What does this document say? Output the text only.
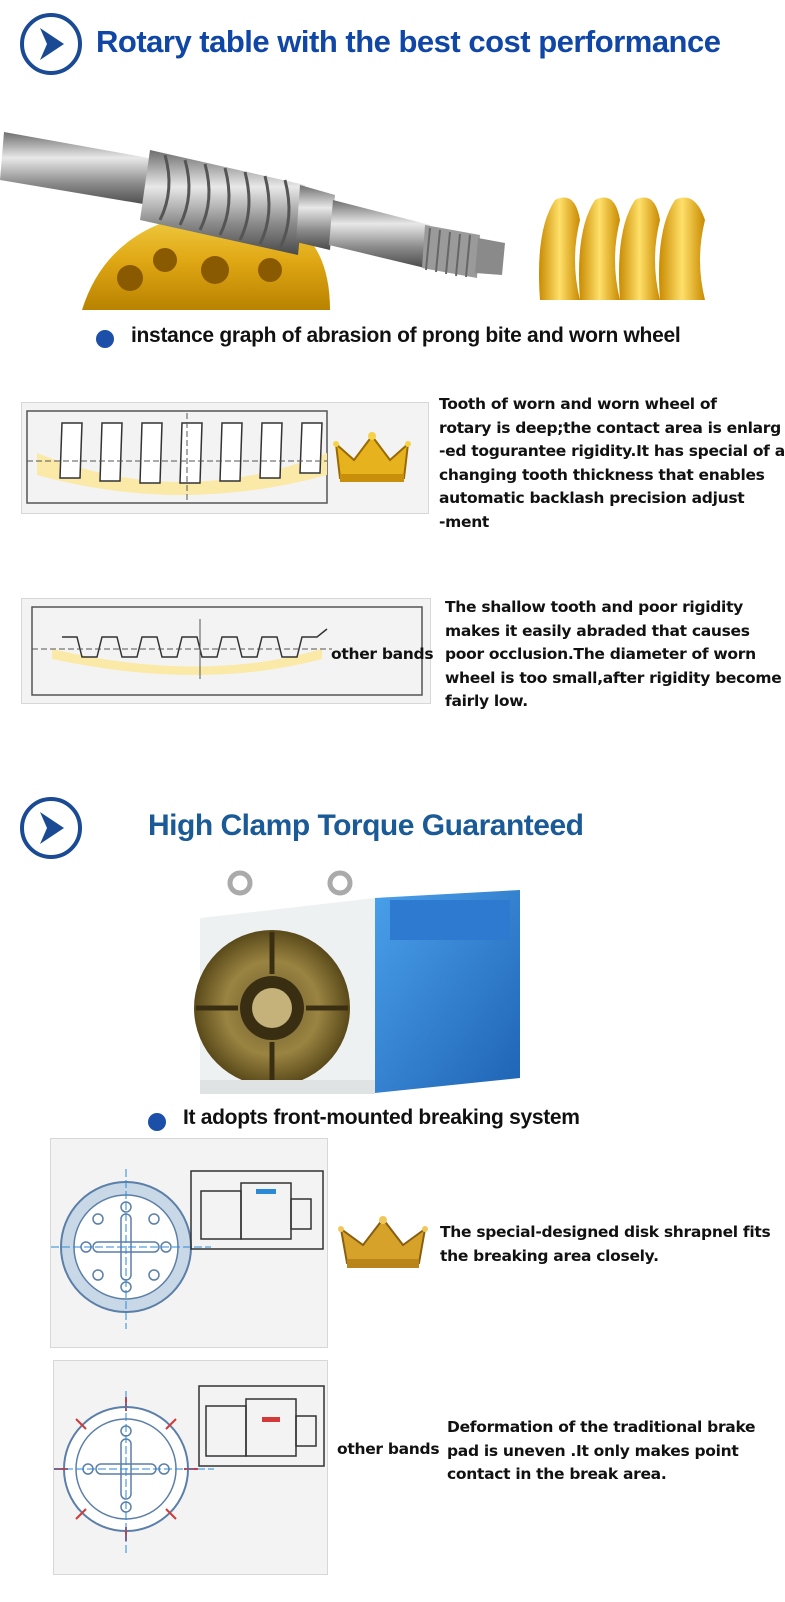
Rotary table with the best cost performance
instance graph of abrasion of prong bite and worn wheel
Tooth of worn and worn wheel of
rotary is deep;the contact area is enlarg
-ed togurantee rigidity.It has special of a
changing tooth thickness that enables
automatic backlash precision adjust
-ment
other bands
The shallow tooth and poor rigidity
makes it easily abraded that causes
poor occlusion.The diameter of worn
wheel is too small,after rigidity become
fairly low.
High Clamp Torque Guaranteed
It adopts front-mounted breaking system
The special-designed disk shrapnel fits
the breaking area closely.
other bands
Deformation of the traditional brake
pad is uneven .It only makes point
contact in the break area.
